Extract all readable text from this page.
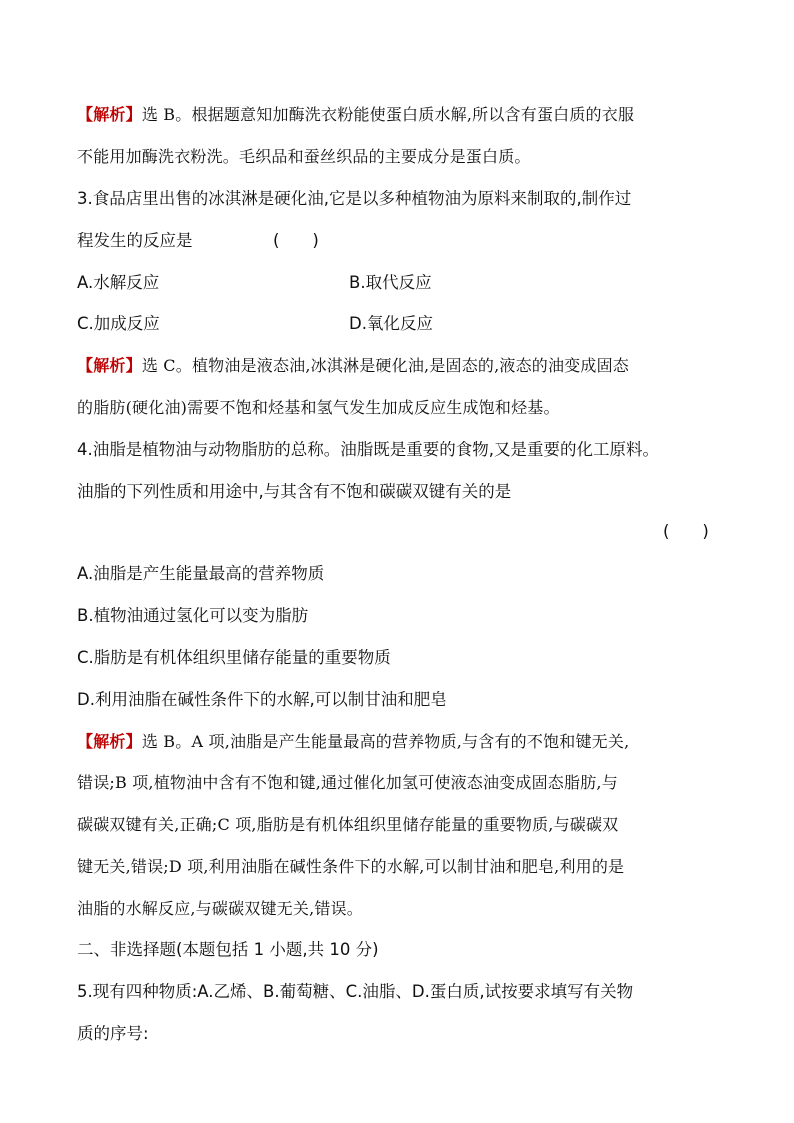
【解析】选 B。根据题意知加酶洗衣粉能使蛋白质水解,所以含有蛋白质的衣服
不能用加酶洗衣粉洗。毛织品和蚕丝织品的主要成分是蛋白质。
3.食品店里出售的冰淇淋是硬化油,它是以多种植物油为原料来制取的,制作过
程发生的反应是	(　　)
A.水解反应	B.取代反应
C.加成反应	D.氧化反应
【解析】选 C。植物油是液态油,冰淇淋是硬化油,是固态的,液态的油变成固态
的脂肪(硬化油)需要不饱和烃基和氢气发生加成反应生成饱和烃基。
4.油脂是植物油与动物脂肪的总称。油脂既是重要的食物,又是重要的化工原料。
油脂的下列性质和用途中,与其含有不饱和碳碳双键有关的是
(　　)
A.油脂是产生能量最高的营养物质
B.植物油通过氢化可以变为脂肪
C.脂肪是有机体组织里储存能量的重要物质
D.利用油脂在碱性条件下的水解,可以制甘油和肥皂
【解析】选 B。A 项,油脂是产生能量最高的营养物质,与含有的不饱和键无关,
错误;B 项,植物油中含有不饱和键,通过催化加氢可使液态油变成固态脂肪,与
碳碳双键有关,正确;C 项,脂肪是有机体组织里储存能量的重要物质,与碳碳双
键无关,错误;D 项,利用油脂在碱性条件下的水解,可以制甘油和肥皂,利用的是
油脂的水解反应,与碳碳双键无关,错误。
二、非选择题(本题包括 1 小题,共 10 分)
5.现有四种物质:A.乙烯、B.葡萄糖、C.油脂、D.蛋白质,试按要求填写有关物
质的序号:
